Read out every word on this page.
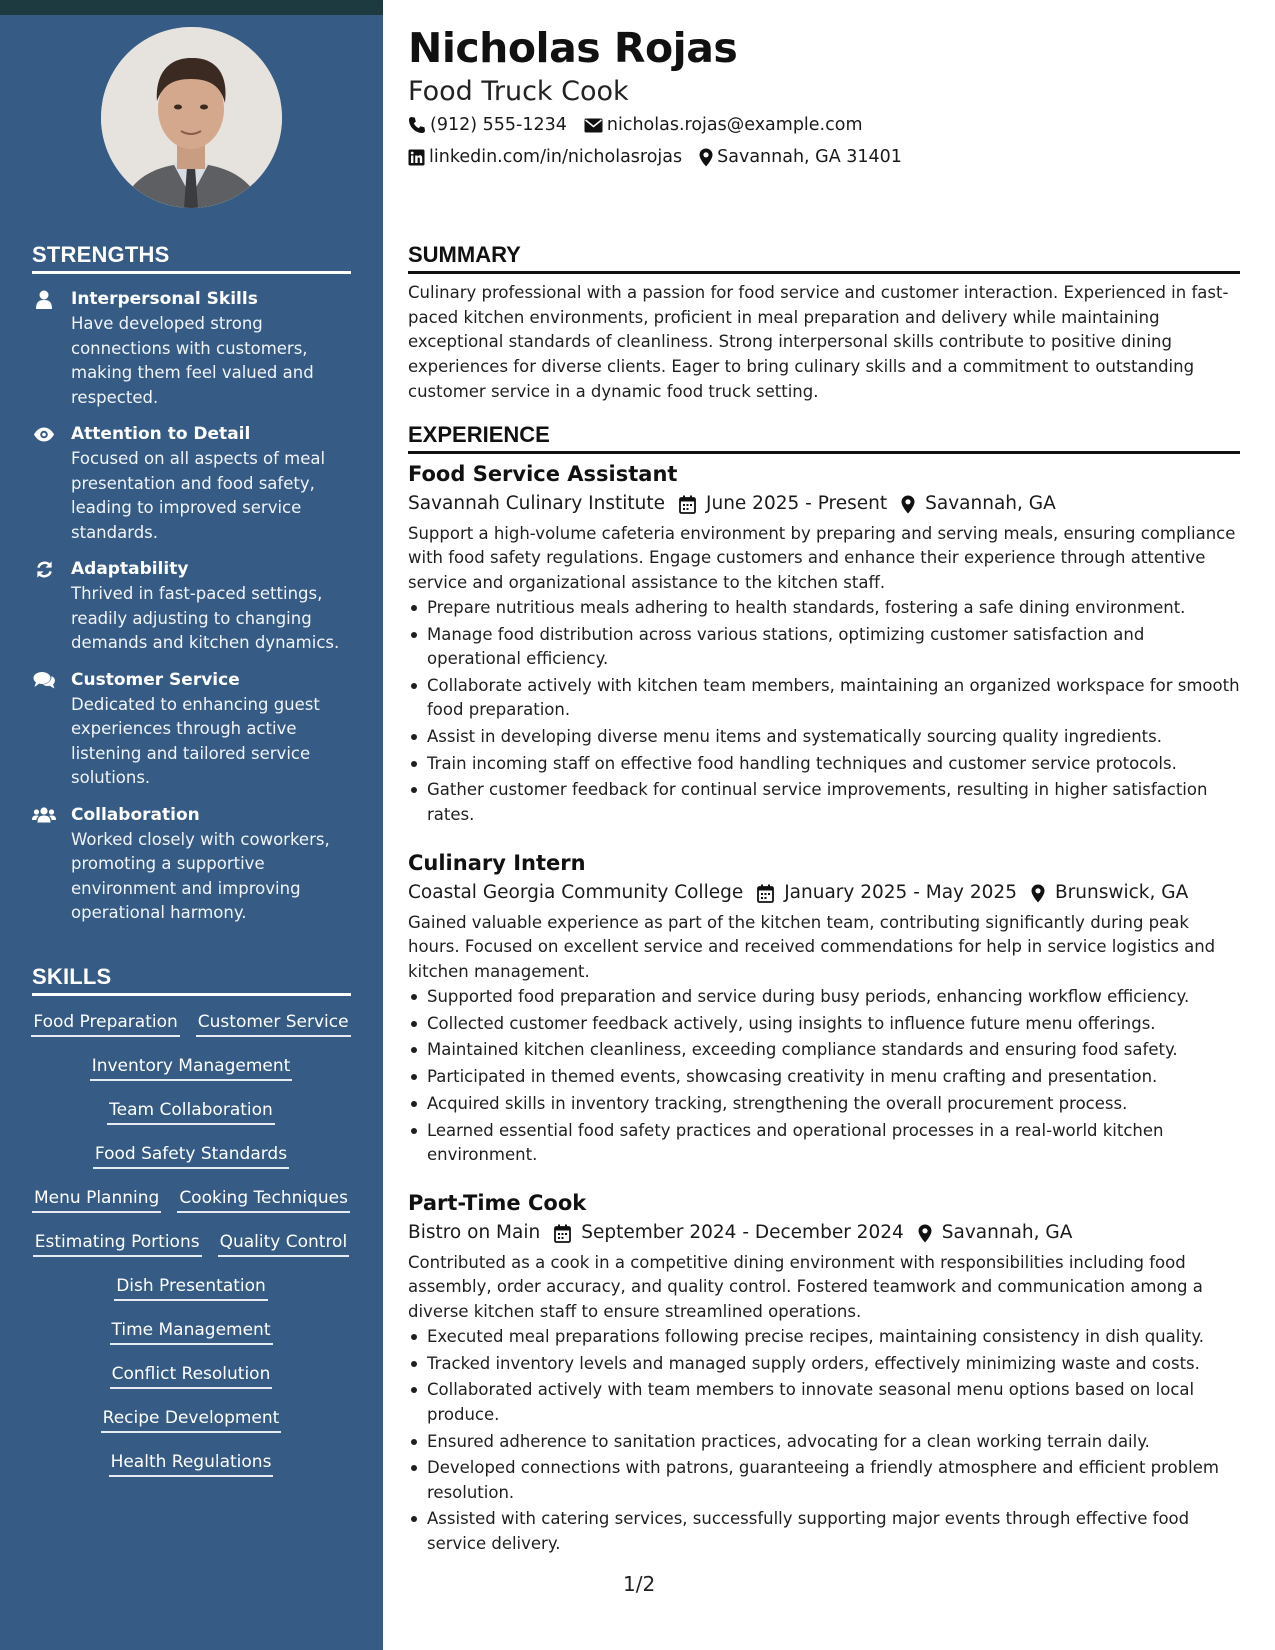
STRENGTHS
Interpersonal Skills
Have developed strong connections with customers, making them feel valued and respected.
Attention to Detail
Focused on all aspects of meal presentation and food safety, leading to improved service standards.
Adaptability
Thrived in fast-paced settings, readily adjusting to changing demands and kitchen dynamics.
Customer Service
Dedicated to enhancing guest experiences through active listening and tailored service solutions.
Collaboration
Worked closely with coworkers, promoting a supportive environment and improving operational harmony.
SKILLS
Food Preparation Customer Service
Inventory Management
Team Collaboration
Food Safety Standards
Menu Planning Cooking Techniques
Estimating Portions Quality Control
Dish Presentation
Time Management
Conflict Resolution
Recipe Development
Health Regulations
Nicholas Rojas
Food Truck Cook
(912) 555-1234 nicholas.rojas@example.com
linkedin.com/in/nicholasrojas Savannah, GA 31401
SUMMARY

Culinary professional with a passion for food service and customer interaction. Experienced in fast-paced kitchen environments, proficient in meal preparation and delivery while maintaining exceptional standards of cleanliness. Strong interpersonal skills contribute to positive dining experiences for diverse clients. Eager to bring culinary skills and a commitment to outstanding customer service in a dynamic food truck setting.

EXPERIENCE
Food Service Assistant
Savannah Culinary Institute June 2025 - Present Savannah, GA

Support a high-volume cafeteria environment by preparing and serving meals, ensuring compliance with food safety regulations. Engage customers and enhance their experience through attentive service and organizational assistance to the kitchen staff.

Prepare nutritious meals adhering to health standards, fostering a safe dining environment.
Manage food distribution across various stations, optimizing customer satisfaction and operational efficiency.
Collaborate actively with kitchen team members, maintaining an organized workspace for smooth food preparation.
Assist in developing diverse menu items and systematically sourcing quality ingredients.
Train incoming staff on effective food handling techniques and customer service protocols.
Gather customer feedback for continual service improvements, resulting in higher satisfaction rates.
Culinary Intern
Coastal Georgia Community College January 2025 - May 2025 Brunswick, GA

Gained valuable experience as part of the kitchen team, contributing significantly during peak hours. Focused on excellent service and received commendations for help in service logistics and kitchen management.

Supported food preparation and service during busy periods, enhancing workflow efficiency.
Collected customer feedback actively, using insights to influence future menu offerings.
Maintained kitchen cleanliness, exceeding compliance standards and ensuring food safety.
Participated in themed events, showcasing creativity in menu crafting and presentation.
Acquired skills in inventory tracking, strengthening the overall procurement process.
Learned essential food safety practices and operational processes in a real-world kitchen environment.
Part-Time Cook
Bistro on Main September 2024 - December 2024 Savannah, GA

Contributed as a cook in a competitive dining environment with responsibilities including food assembly, order accuracy, and quality control. Fostered teamwork and communication among a diverse kitchen staff to ensure streamlined operations.

Executed meal preparations following precise recipes, maintaining consistency in dish quality.
Tracked inventory levels and managed supply orders, effectively minimizing waste and costs.
Collaborated actively with team members to innovate seasonal menu options based on local produce.
Ensured adherence to sanitation practices, advocating for a clean working terrain daily.
Developed connections with patrons, guaranteeing a friendly atmosphere and efficient problem resolution.
Assisted with catering services, successfully supporting major events through effective food service delivery.
1/2
